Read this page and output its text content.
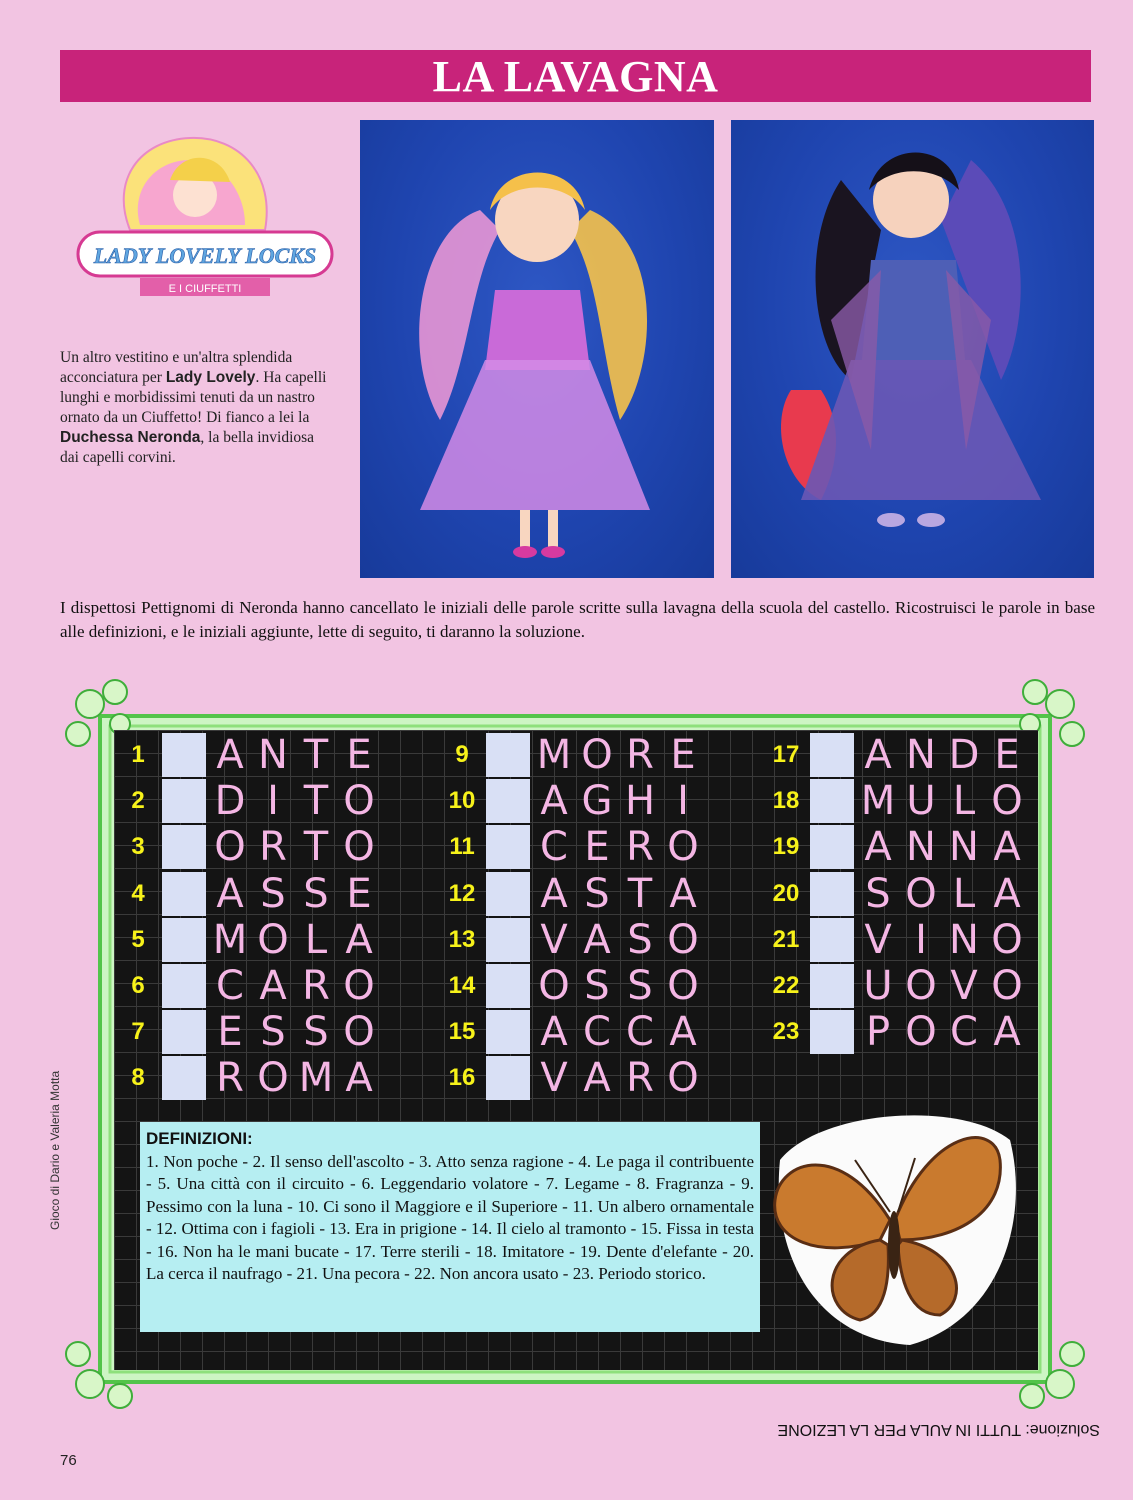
LA LAVAGNA
LADY LOVELY LOCKS
E I CIUFFETTI
Un altro vestitino e un'altra splendida acconciatura per Lady Lovely. Ha capelli lunghi e morbidissimi tenuti da un nastro ornato da un Ciuffetto! Di fianco a lei la Duchessa Neronda, la bella invidiosa dai capelli corvini.
I dispettosi Pettignomi di Neronda hanno cancellato le iniziali delle parole scritte sulla lavagna della scuola del castello. Ricostruisci le parole in base alle definizioni, e le iniziali aggiunte, lette di seguito, ti daranno la soluzione.
1	A N T E
2	D I T O
3	O R T O
4	A S S E
5	M O L A
6	C A R O
7	E S S O
8	R O M A
9	M O R E
10 A G H I
11 C E R O
12 A S T A
13 V A S O
14 O S S O
15 A C C A
16 V A R O
17 A N D E
18 M U L O
19 A N N A
20 S O L A
21 V I N O
22 U O V O
23 P O C A
DEFINIZIONI:
1. Non poche - 2. Il senso dell'ascolto - 3. Atto senza ragione - 4. Le paga il contribuente - 5. Una città con il circuito - 6. Leggendario volatore - 7. Legame - 8. Fragranza - 9. Pessimo con la luna - 10. Ci sono il Maggiore e il Superiore - 11. Un albero ornamentale - 12. Ottima con i fagioli - 13. Era in prigione - 14. Il cielo al tramonto - 15. Fissa in testa - 16. Non ha le mani bucate - 17. Terre sterili - 18. Imitatore - 19. Dente d'elefante - 20. La cerca il naufrago - 21. Una pecora - 22. Non ancora usato - 23. Periodo storico.
Gioco di Dario e Valeria Motta
Soluzione: TUTTI IN AULA PER LA LEZIONE
76
